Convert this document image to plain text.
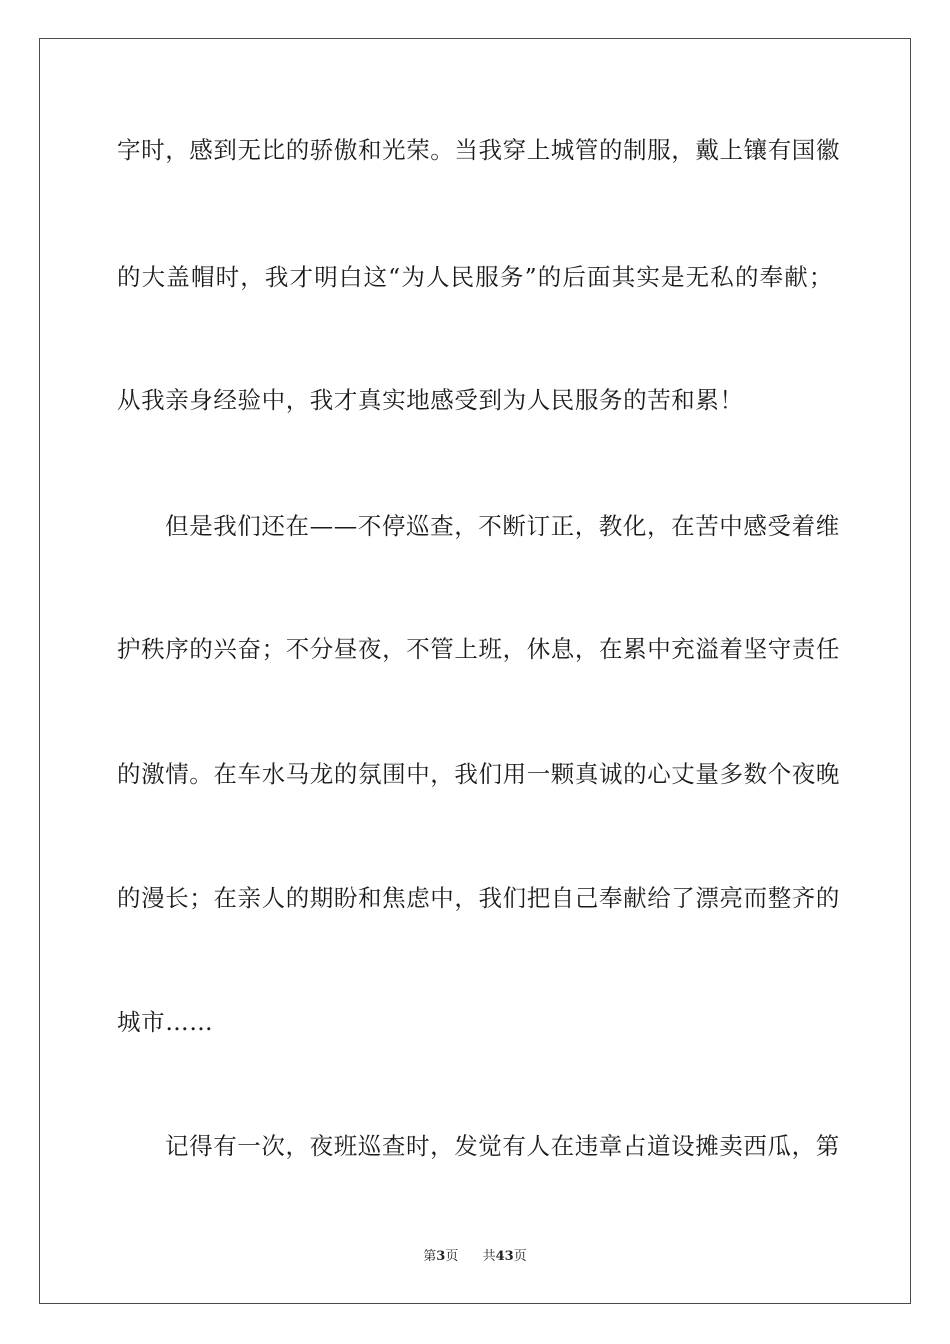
字时，感到无比的骄傲和光荣。当我穿上城管的制服，戴上镶有国徽
的大盖帽时，我才明白这“为人民服务”的后面其实是无私的奉献；
从我亲身经验中，我才真实地感受到为人民服务的苦和累！
但是我们还在——不停巡查，不断订正，教化，在苦中感受着维
护秩序的兴奋；不分昼夜，不管上班，休息，在累中充溢着坚守责任
的激情。在车水马龙的氛围中，我们用一颗真诚的心丈量多数个夜晚
的漫长；在亲人的期盼和焦虑中，我们把自己奉献给了漂亮而整齐的
城市……
记得有一次，夜班巡查时，发觉有人在违章占道设摊卖西瓜，第
第3页 共43页
